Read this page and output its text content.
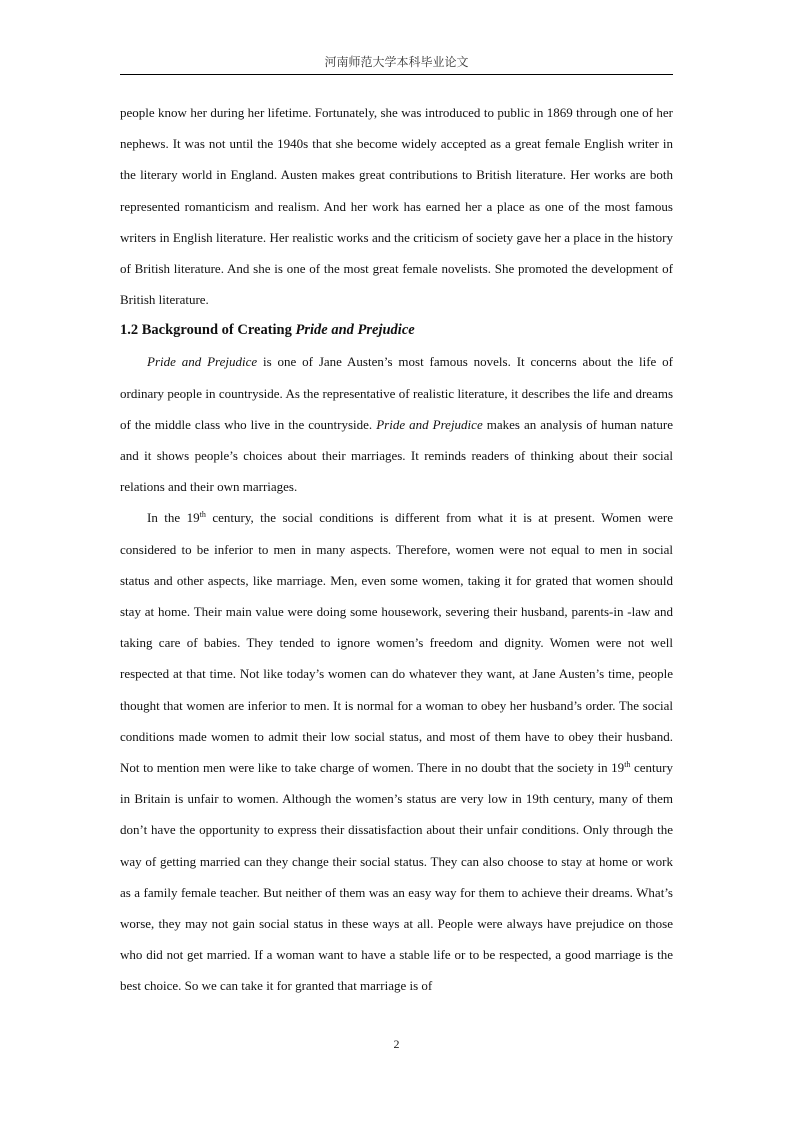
河南师范大学本科毕业论文

people know her during her lifetime. Fortunately, she was introduced to public in 1869 through one of her nephews. It was not until the 1940s that she become widely accepted as a great female English writer in the literary world in England. Austen makes great contributions to British literature. Her works are both represented romanticism and realism. And her work has earned her a place as one of the most famous writers in English literature. Her realistic works and the criticism of society gave her a place in the history of British literature. And she is one of the most great female novelists. She promoted the development of British literature.

1.2 Background of Creating Pride and Prejudice

Pride and Prejudice is one of Jane Austen’s most famous novels. It concerns about the life of ordinary people in countryside. As the representative of realistic literature, it describes the life and dreams of the middle class who live in the countryside. Pride and Prejudice makes an analysis of human nature and it shows people’s choices about their marriages. It reminds readers of thinking about their social relations and their own marriages.

In the 19th century, the social conditions is different from what it is at present. Women were considered to be inferior to men in many aspects. Therefore, women were not equal to men in social status and other aspects, like marriage. Men, even some women, taking it for grated that women should stay at home. Their main value were doing some housework, severing their husband, parents-in -law and taking care of babies. They tended to ignore women’s freedom and dignity. Women were not well respected at that time. Not like today’s women can do whatever they want, at Jane Austen’s time, people thought that women are inferior to men. It is normal for a woman to obey her husband’s order. The social conditions made women to admit their low social status, and most of them have to obey their husband. Not to mention men were like to take charge of women. There in no doubt that the society in 19th century in Britain is unfair to women. Although the women’s status are very low in 19th century, many of them don’t have the opportunity to express their dissatisfaction about their unfair conditions. Only through the way of getting married can they change their social status. They can also choose to stay at home or work as a family female teacher. But neither of them was an easy way for them to achieve their dreams. What’s worse, they may not gain social status in these ways at all. People were always have prejudice on those who did not get married. If a woman want to have a stable life or to be respected, a good marriage is the best choice. So we can take it for granted that marriage is of

2
